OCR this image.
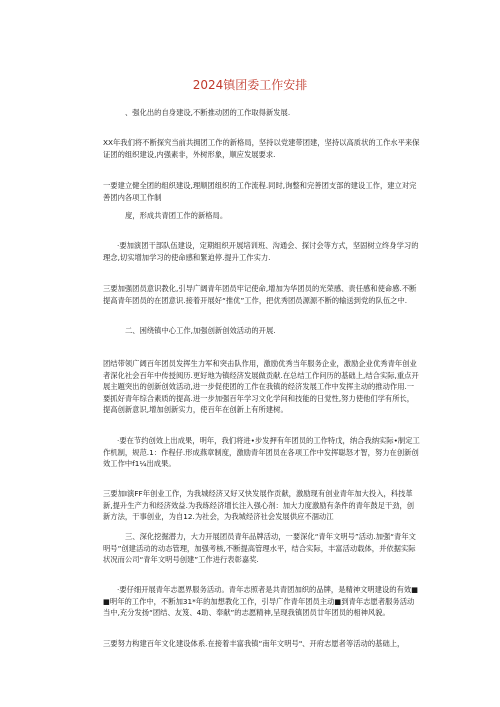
2024镇团委工作安排

、强化出的自身建设,不断推动团的工作取得新发展.

XX年我们将不断探究当前共拥团工作的新格局，坚持以党建带团建，坚持以高质状的工作水平来保证团的组织建设,内强素非，外树形象，顺应发展要求.

一要建立健全团的组织建设,理顺团组织的工作流程.同时,询整和完善团支部的建设工作，建立对完善团内各项工作制

度，形成共青团工作的新格局。

·要加演团干部队伍建设，定期组织开展培训班、沟通会、探讨会等方式，坚固树立终身学习的理念,切实增加学习的使命感和緊迫停.提升工作实力.

三要加强团员意识教化,引导广阔青年团员牢记使命,增加为华团员的光荣感、责任感和使命感.不断提高青年团员的在团意识.接着开展好“推优”工作，把优秀团员源源不断的输送到党的队伍之中.

二、困绕镇中心工作,加强创新创效活动的开展.

团结带领广阔百年团员发挥生力军和突击队作用，激励优秀当年服务企业，激励企业优秀青年创业者深化社会百年中传授阅历.更好地为镇经济发展做贡献.在总结工作问历的基础上,结合实际,重点开展主題突出的创新创效活动,进一步促使团的工作在我镇的经济发展工作中发挥主动的推动作用.一要抓好青年综合素质的提高.进一步加强百年学习文化学问和技能的日觉性,努力使他们学有所长，提高创新意识,增加创新实力，使百年在创新上有所建树。

·要在节约创效上出成果，明年，我们将进•步发押有年团员的工作特戊，纳合我纳实际•制定工作机制，规范.1：作程仔.形成燕章制度，激励青年团员在各项工作中发挥聪怒才智，努力在创新创效工作中f1¼出成果。

三要加I演FF年创业工作，为我城经济又好又快发展作贡献，激励现有创业青年加大投入，科技革新,提升生产力和经济效益.为我练经济增长注入强心剂：加大力度激励有条件的青年鼓足干劲，创新方法，干事创业，为自12.为社会，为我城经济社会发展供应不涸动江

三、深化挖掘潜力，大力开展团员青年品牌活动，一要深化“青年文明号”活动.加强“青年文明号”创建活动的动态管理，加强考核,不断提高管理水平，结合实际，丰富活动载体，并依据实际状况而公司“青年文明号创建”工作进行表彰嘉奖.

·要仔细开展青年志愿界服务活动。青年志照者是共青团加织的品牌，是精神文明建设的有效■■明年的工作中，不断加31*年的加想教化工作，引导广作青年团员主动■到青年志愿者服务活动当中,充分发扬“团结、友笈、4助、奉献”的志愿精神,呈现我镇团员廿年团员的相神风貌。

三要努力构建百年文化建设体系.在接着丰富我镇“南年文明号"、开府志愿者等活动的基础上，
